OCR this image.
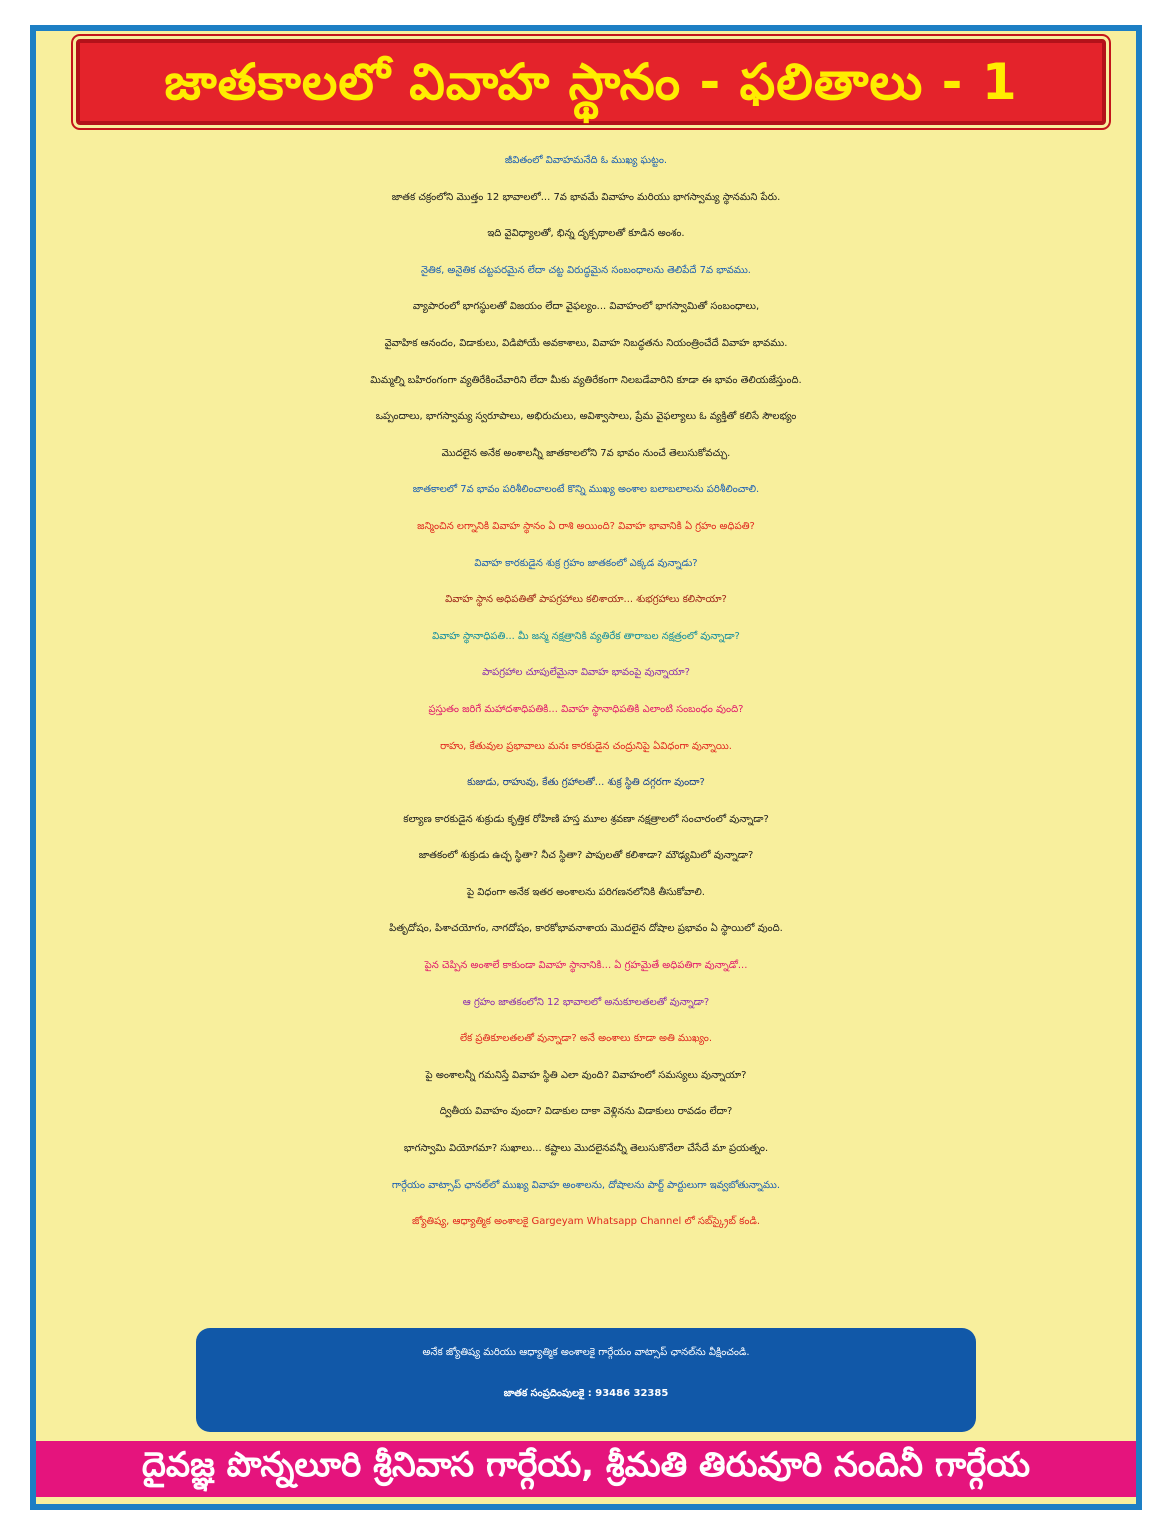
జాతకాలలో వివాహ స్థానం - ఫలితాలు - 1
జీవితంలో వివాహమనేది ఓ ముఖ్య ఘట్టం.
జాతక చక్రంలోని మొత్తం 12 భావాలలో... 7వ భావమే వివాహం మరియు భాగస్వామ్య స్థానమని పేరు.
ఇది వైవిధ్యాలతో, భిన్న దృక్పథాలతో కూడిన అంశం.
నైతిక, అనైతిక చట్టపరమైన లేదా చట్ట విరుద్ధమైన సంబంధాలను తెలిపేదే 7వ భావము.
వ్యాపారంలో భాగస్థులతో విజయం లేదా వైఫల్యం... వివాహంలో భాగస్వామితో సంబంధాలు,
వైవాహిక ఆనందం, విడాకులు, విడిపోయే అవకాశాలు, వివాహ నిబద్ధతను నియంత్రించేదే వివాహ భావము.
మిమ్మల్ని బహిరంగంగా వ్యతిరేకించేవారిని లేదా మీకు వ్యతిరేకంగా నిలబడేవారిని కూడా ఈ భావం తెలియజేస్తుంది.
ఒప్పందాలు, భాగస్వామ్య స్వరూపాలు, అభిరుచులు, అవిశ్వాసాలు, ప్రేమ వైఫల్యాలు ఓ వ్యక్తితో కలిసే సౌలభ్యం
మొదలైన అనేక అంశాలన్నీ జాతకాలలోని 7వ భావం నుంచే తెలుసుకోవచ్చు.
జాతకాలలో 7వ భావం పరిశీలించాలంటే కొన్ని ముఖ్య అంశాల బలాబలాలను పరిశీలించాలి.
జన్మించిన లగ్నానికి వివాహ స్థానం ఏ రాశి అయింది? వివాహ భావానికి ఏ గ్రహం అధిపతి?
వివాహ కారకుడైన శుక్ర గ్రహం జాతకంలో ఎక్కడ వున్నాడు?
వివాహ స్థాన అధిపతితో పాపగ్రహాలు కలిశాయా... శుభగ్రహాలు కలిసాయా?
వివాహ స్థానాధిపతి... మీ జన్మ నక్షత్రానికి వ్యతిరేక తారాబల నక్షత్రంలో వున్నాడా?
పాపగ్రహాల చూపులేమైనా వివాహ భావంపై వున్నాయా?
ప్రస్తుతం జరిగే మహాదశాధిపతికి... వివాహ స్థానాధిపతికి ఎలాంటి సంబంధం వుంది?
రాహు, కేతువుల ప్రభావాలు మనః కారకుడైన చంద్రునిపై ఏవిధంగా వున్నాయి.
కుజుడు, రాహువు, కేతు గ్రహాలతో... శుక్ర స్థితి దగ్గరగా వుందా?
కల్యాణ కారకుడైన శుక్రుడు కృత్తిక రోహిణి హస్త మూల శ్రవణా నక్షత్రాలలో సంచారంలో వున్నాడా?
జాతకంలో శుక్రుడు ఉచ్ఛ స్థితా? నీచ స్థితా? పాపులతో కలిశాడా? మౌఢ్యమిలో వున్నాడా?
పై విధంగా అనేక ఇతర అంశాలను పరిగణనలోనికి తీసుకోవాలి.
పితృదోషం, పిశాచయోగం, నాగదోషం, కారకోభావనాశాయ మొదలైన దోషాల ప్రభావం ఏ స్థాయిలో వుంది.
పైన చెప్పిన అంశాలే కాకుండా వివాహ స్థానానికి... ఏ గ్రహమైతే అధిపతిగా వున్నాడో...
ఆ గ్రహం జాతకంలోని 12 భావాలలో అనుకూలతలతో వున్నాడా?
లేక ప్రతికూలతలతో వున్నాడా? అనే అంశాలు కూడా అతి ముఖ్యం.
పై అంశాలన్నీ గమనిస్తే వివాహ స్థితి ఎలా వుంది? వివాహంలో సమస్యలు వున్నాయా?
ద్వితీయ వివాహం వుందా? విడాకుల దాకా వెళ్లినను విడాకులు రావడం లేదా?
భాగస్వామి వియోగమా? సుఖాలు... కష్టాలు మొదలైనవన్నీ తెలుసుకొనేలా చేసేదే మా ప్రయత్నం.
గార్గేయం వాట్సాప్ ఛానల్‌లో ముఖ్య వివాహ అంశాలను, దోషాలను పార్ట్ పార్టులుగా ఇవ్వబోతున్నాము.
జ్యోతిష్య, ఆధ్యాత్మిక అంశాలకై Gargeyam Whatsapp Channel లో సబ్‌స్క్రైబ్ కండి.
అనేక జ్యోతిష్య మరియు ఆధ్యాత్మిక అంశాలకై గార్గేయం వాట్సాప్ ఛానల్‌ను వీక్షించండి.
జాతక సంప్రదింపులకై : 93486 32385
దైవజ్ఞ పొన్నలూరి శ్రీనివాస గార్గేయ, శ్రీమతి తిరువూరి నందినీ గార్గేయ
